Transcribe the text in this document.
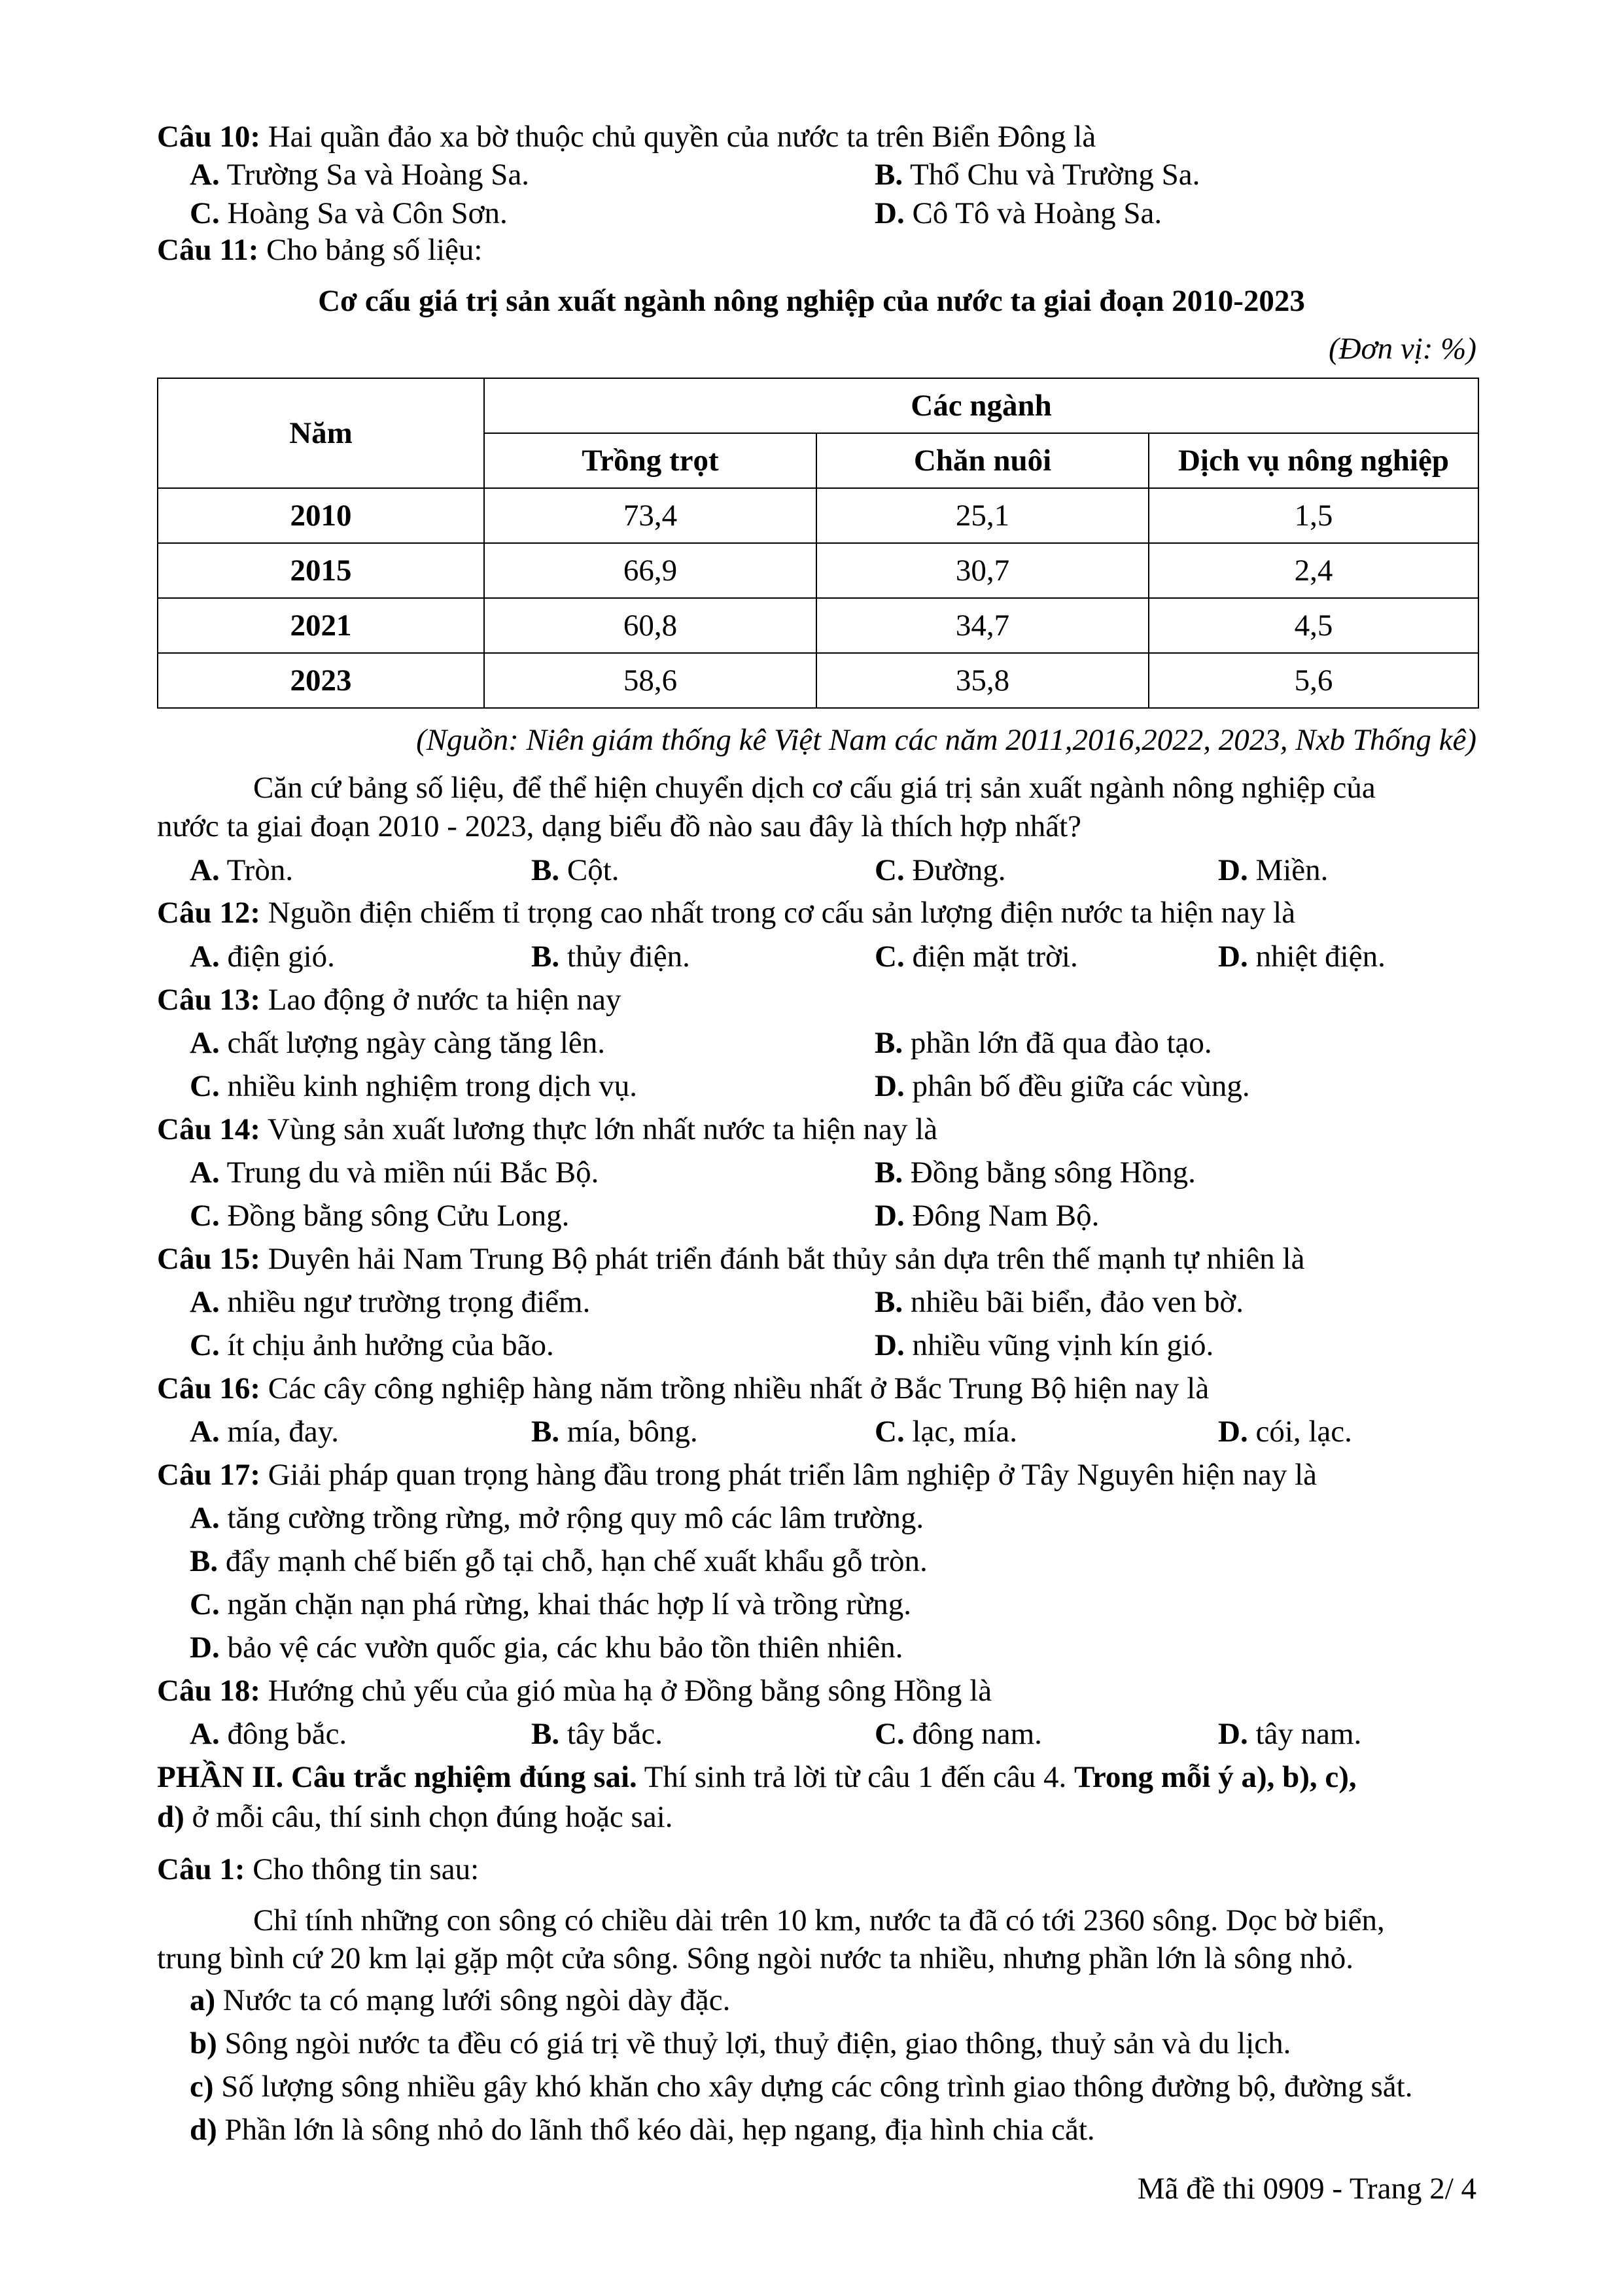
Câu 10: Hai quần đảo xa bờ thuộc chủ quyền của nước ta trên Biển Đông là
A. Trường Sa và Hoàng Sa.	B. Thổ Chu và Trường Sa.
C. Hoàng Sa và Côn Sơn.	D. Cô Tô và Hoàng Sa.
Câu 11: Cho bảng số liệu:
Cơ cấu giá trị sản xuất ngành nông nghiệp của nước ta giai đoạn 2010-2023
(Đơn vị: %)
Năm	Các ngành		
	Trồng trọt	Chăn nuôi	Dịch vụ nông nghiệp
2010	73,4	25,1	1,5
2015	66,9	30,7	2,4
2021	60,8	34,7	4,5
2023	58,6	35,8	5,6
(Nguồn: Niên giám thống kê Việt Nam các năm 2011,2016,2022, 2023, Nxb Thống kê)
Căn cứ bảng số liệu, để thể hiện chuyển dịch cơ cấu giá trị sản xuất ngành nông nghiệp của
nước ta giai đoạn 2010 - 2023, dạng biểu đồ nào sau đây là thích hợp nhất?
A. Tròn.	B. Cột.	C. Đường.	D. Miền.
Câu 12: Nguồn điện chiếm tỉ trọng cao nhất trong cơ cấu sản lượng điện nước ta hiện nay là
A. điện gió.	B. thủy điện.	C. điện mặt trời.	D. nhiệt điện.
Câu 13: Lao động ở nước ta hiện nay
A. chất lượng ngày càng tăng lên.	B. phần lớn đã qua đào tạo.
C. nhiều kinh nghiệm trong dịch vụ.	D. phân bố đều giữa các vùng.
Câu 14: Vùng sản xuất lương thực lớn nhất nước ta hiện nay là
A. Trung du và miền núi Bắc Bộ.	B. Đồng bằng sông Hồng.
C. Đồng bằng sông Cửu Long.	D. Đông Nam Bộ.
Câu 15: Duyên hải Nam Trung Bộ phát triển đánh bắt thủy sản dựa trên thế mạnh tự nhiên là
A. nhiều ngư trường trọng điểm.	B. nhiều bãi biển, đảo ven bờ.
C. ít chịu ảnh hưởng của bão.	D. nhiều vũng vịnh kín gió.
Câu 16: Các cây công nghiệp hàng năm trồng nhiều nhất ở Bắc Trung Bộ hiện nay là
A. mía, đay.	B. mía, bông.	C. lạc, mía.	D. cói, lạc.
Câu 17: Giải pháp quan trọng hàng đầu trong phát triển lâm nghiệp ở Tây Nguyên hiện nay là
A. tăng cường trồng rừng, mở rộng quy mô các lâm trường.
B. đẩy mạnh chế biến gỗ tại chỗ, hạn chế xuất khẩu gỗ tròn.
C. ngăn chặn nạn phá rừng, khai thác hợp lí và trồng rừng.
D. bảo vệ các vườn quốc gia, các khu bảo tồn thiên nhiên.
Câu 18: Hướng chủ yếu của gió mùa hạ ở Đồng bằng sông Hồng là
A. đông bắc.	B. tây bắc.	C. đông nam.	D. tây nam.
PHẦN II. Câu trắc nghiệm đúng sai. Thí sinh trả lời từ câu 1 đến câu 4. Trong mỗi ý a), b), c),
d) ở mỗi câu, thí sinh chọn đúng hoặc sai.
Câu 1: Cho thông tin sau:
Chỉ tính những con sông có chiều dài trên 10 km, nước ta đã có tới 2360 sông. Dọc bờ biển,
trung bình cứ 20 km lại gặp một cửa sông. Sông ngòi nước ta nhiều, nhưng phần lớn là sông nhỏ.
a) Nước ta có mạng lưới sông ngòi dày đặc.
b) Sông ngòi nước ta đều có giá trị về thuỷ lợi, thuỷ điện, giao thông, thuỷ sản và du lịch.
c) Số lượng sông nhiều gây khó khăn cho xây dựng các công trình giao thông đường bộ, đường sắt.
d) Phần lớn là sông nhỏ do lãnh thổ kéo dài, hẹp ngang, địa hình chia cắt.
Mã đề thi 0909 - Trang 2/ 4
